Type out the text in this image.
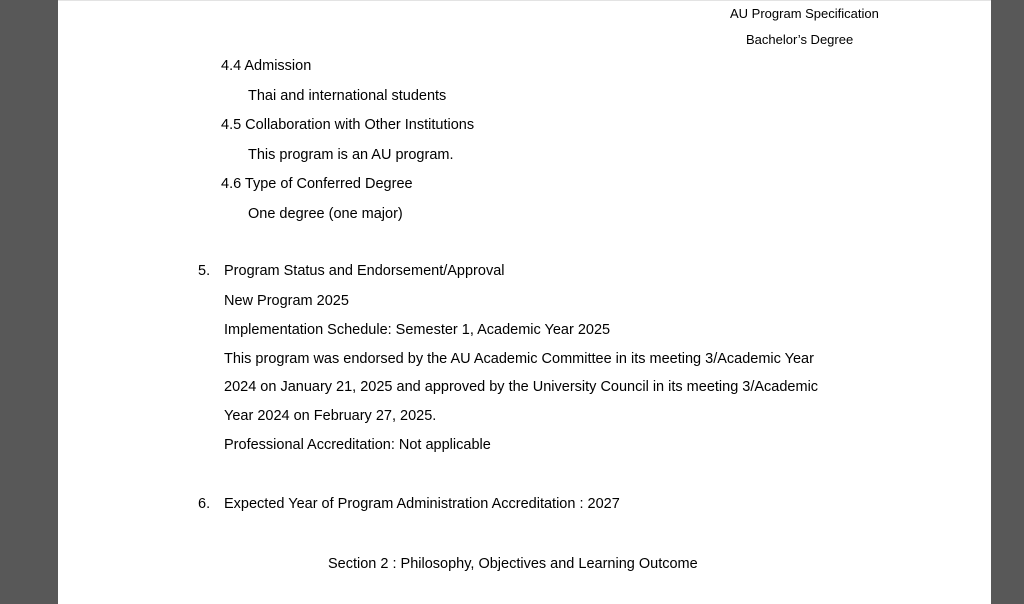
AU Program Specification
Bachelor’s Degree
4.4 Admission
Thai and international students
4.5 Collaboration with Other Institutions
This program is an AU program.
4.6 Type of Conferred Degree
One degree (one major)
5. Program Status and Endorsement/Approval
New Program 2025
Implementation Schedule: Semester 1, Academic Year 2025
This program was endorsed by the AU Academic Committee in its meeting 3/Academic Year
2024 on January 21, 2025 and approved by the University Council in its meeting 3/Academic
Year 2024 on February 27, 2025.
Professional Accreditation: Not applicable
6. Expected Year of Program Administration Accreditation : 2027
Section 2 : Philosophy, Objectives and Learning Outcome
